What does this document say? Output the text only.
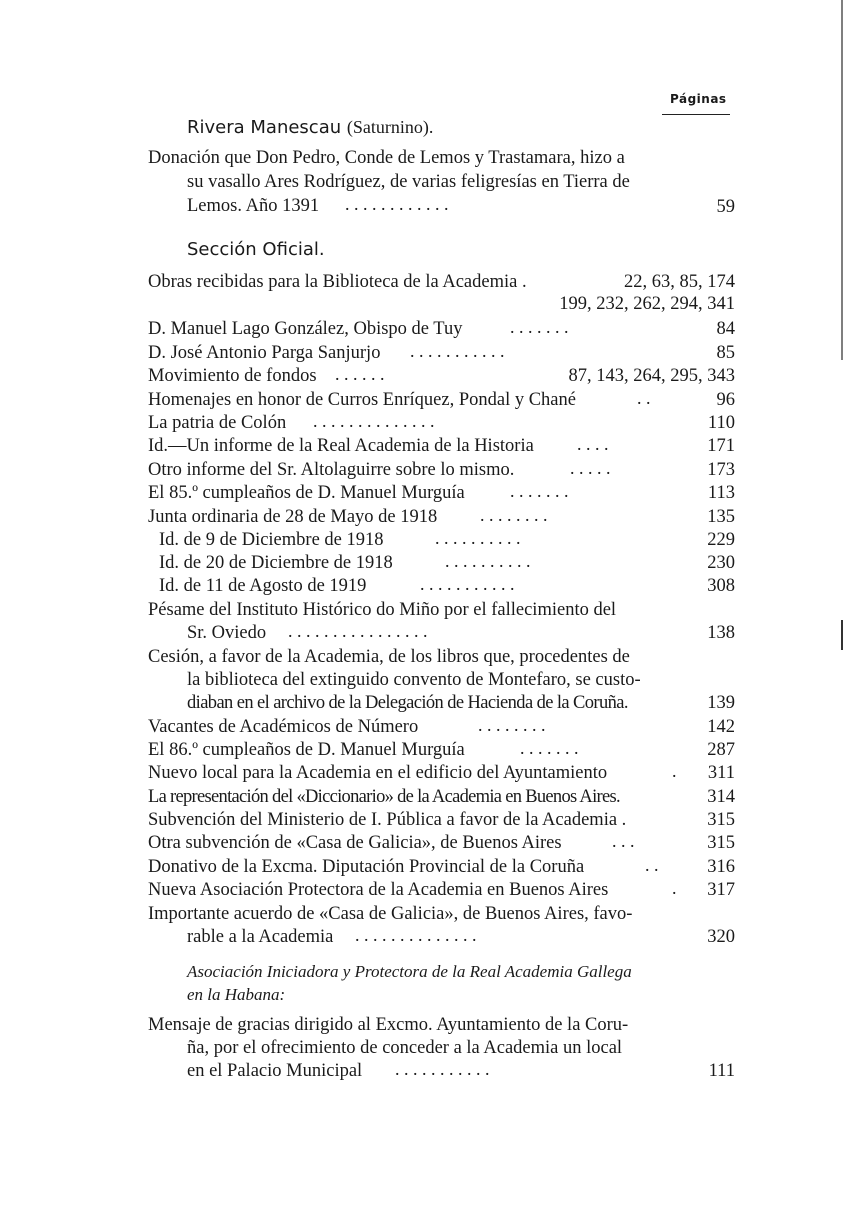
Páginas
Rivera Manescau (Saturnino).
Donación que Don Pedro, Conde de Lemos y Trastamara, hizo a
su vasallo Ares Rodríguez, de varias feligresías en Tierra de
Lemos. Año 1391 . . . . . . . . . . . .	59
Sección Oficial.
Obras recibidas para la Biblioteca de la Academia .	22, 63, 85, 174
199, 232, 262, 294, 341
D. Manuel Lago González, Obispo de Tuy	. . . . . . .	84
D. José Antonio Parga Sanjurjo . . . . . . . . . . .	85
Movimiento de fondos . . . . . .	87, 143, 264, 295, 343
Homenajes en honor de Curros Enríquez, Pondal y Chané	. .	96
La patria de Colón . . . . . . . . . . . . . .	110
Id.—Un informe de la Real Academia de la Historia . . . .	171
Otro informe del Sr. Altolaguirre sobre lo mismo.	. . . . .	173
El 85.º cumpleaños de D. Manuel Murguía	. . . . . . .	113
Junta ordinaria de 28 de Mayo de 1918 . . . . . . . .	135
Id. de 9 de Diciembre de 1918	. . . . . . . . . .	229
Id. de 20 de Diciembre de 1918	. . . . . . . . . .	230
Id. de 11 de Agosto de 1919	. . . . . . . . . . .	308
Pésame del Instituto Histórico do Miño por el fallecimiento del
Sr. Oviedo . . . . . . . . . . . . . . . .	138
Cesión, a favor de la Academia, de los libros que, procedentes de
la biblioteca del extinguido convento de Montefaro, se custo-
diaban en el archivo de la Delegación de Hacienda de la Coruña.	139
Vacantes de Académicos de Número	. . . . . . . .	142
El 86.º cumpleaños de D. Manuel Murguía	. . . . . . .	287
Nuevo local para la Academia en el edificio del Ayuntamiento	. 311
La representación del «Diccionario» de la Academia en Buenos Aires.	314
Subvención del Ministerio de I. Pública a favor de la Academia .	315
Otra subvención de «Casa de Galicia», de Buenos Aires	. . .	315
Donativo de la Excma. Diputación Provincial de la Coruña	. .	316
Nueva Asociación Protectora de la Academia en Buenos Aires	. 317
Importante acuerdo de «Casa de Galicia», de Buenos Aires, favo-
rable a la Academia . . . . . . . . . . . . . .	320
Asociación Iniciadora y Protectora de la Real Academia Gallega
en la Habana:
Mensaje de gracias dirigido al Excmo. Ayuntamiento de la Coru-
ña, por el ofrecimiento de conceder a la Academia un local
en el Palacio Municipal . . . . . . . . . . .	111
